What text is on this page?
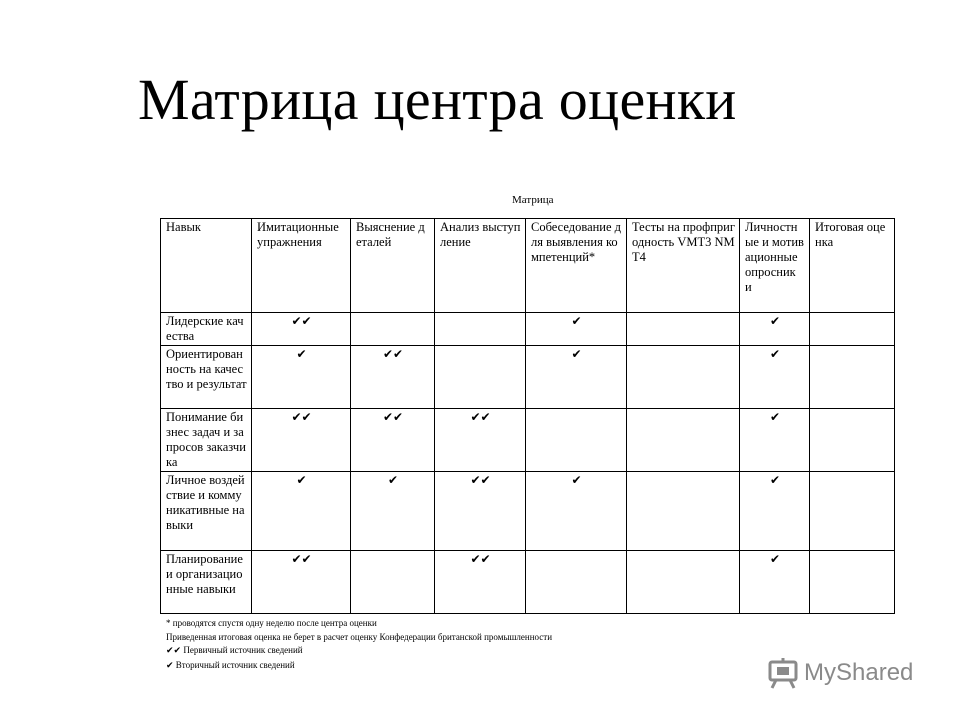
Матрица центра оценки
Матрица
Навык	Имитационные упражнения	Выяснение деталей	Анализ выступление	Собеседование для выявления компетенций*	Тесты на профпригодность VMT3 NMT4	Личностные и мотивационные опросник и	Итоговая оценка
Лидерские качества	✔✔			✔		✔	
Ориентированность на качество и результат	✔	✔✔		✔		✔	
Понимание бизнес задач и запросов заказчика	✔✔	✔✔	✔✔			✔	
Личное воздействие и коммуникативные навыки	✔	✔	✔✔	✔		✔	
Планирование и организационные навыки	✔✔		✔✔			✔	
* проводятся спустя одну неделю после центра оценки
Приведенная итоговая оценка не берет в расчет оценку Конфедерации британской промышленности
✔✔ Первичный источник сведений
✔ Вторичный источник сведений	MyShared
